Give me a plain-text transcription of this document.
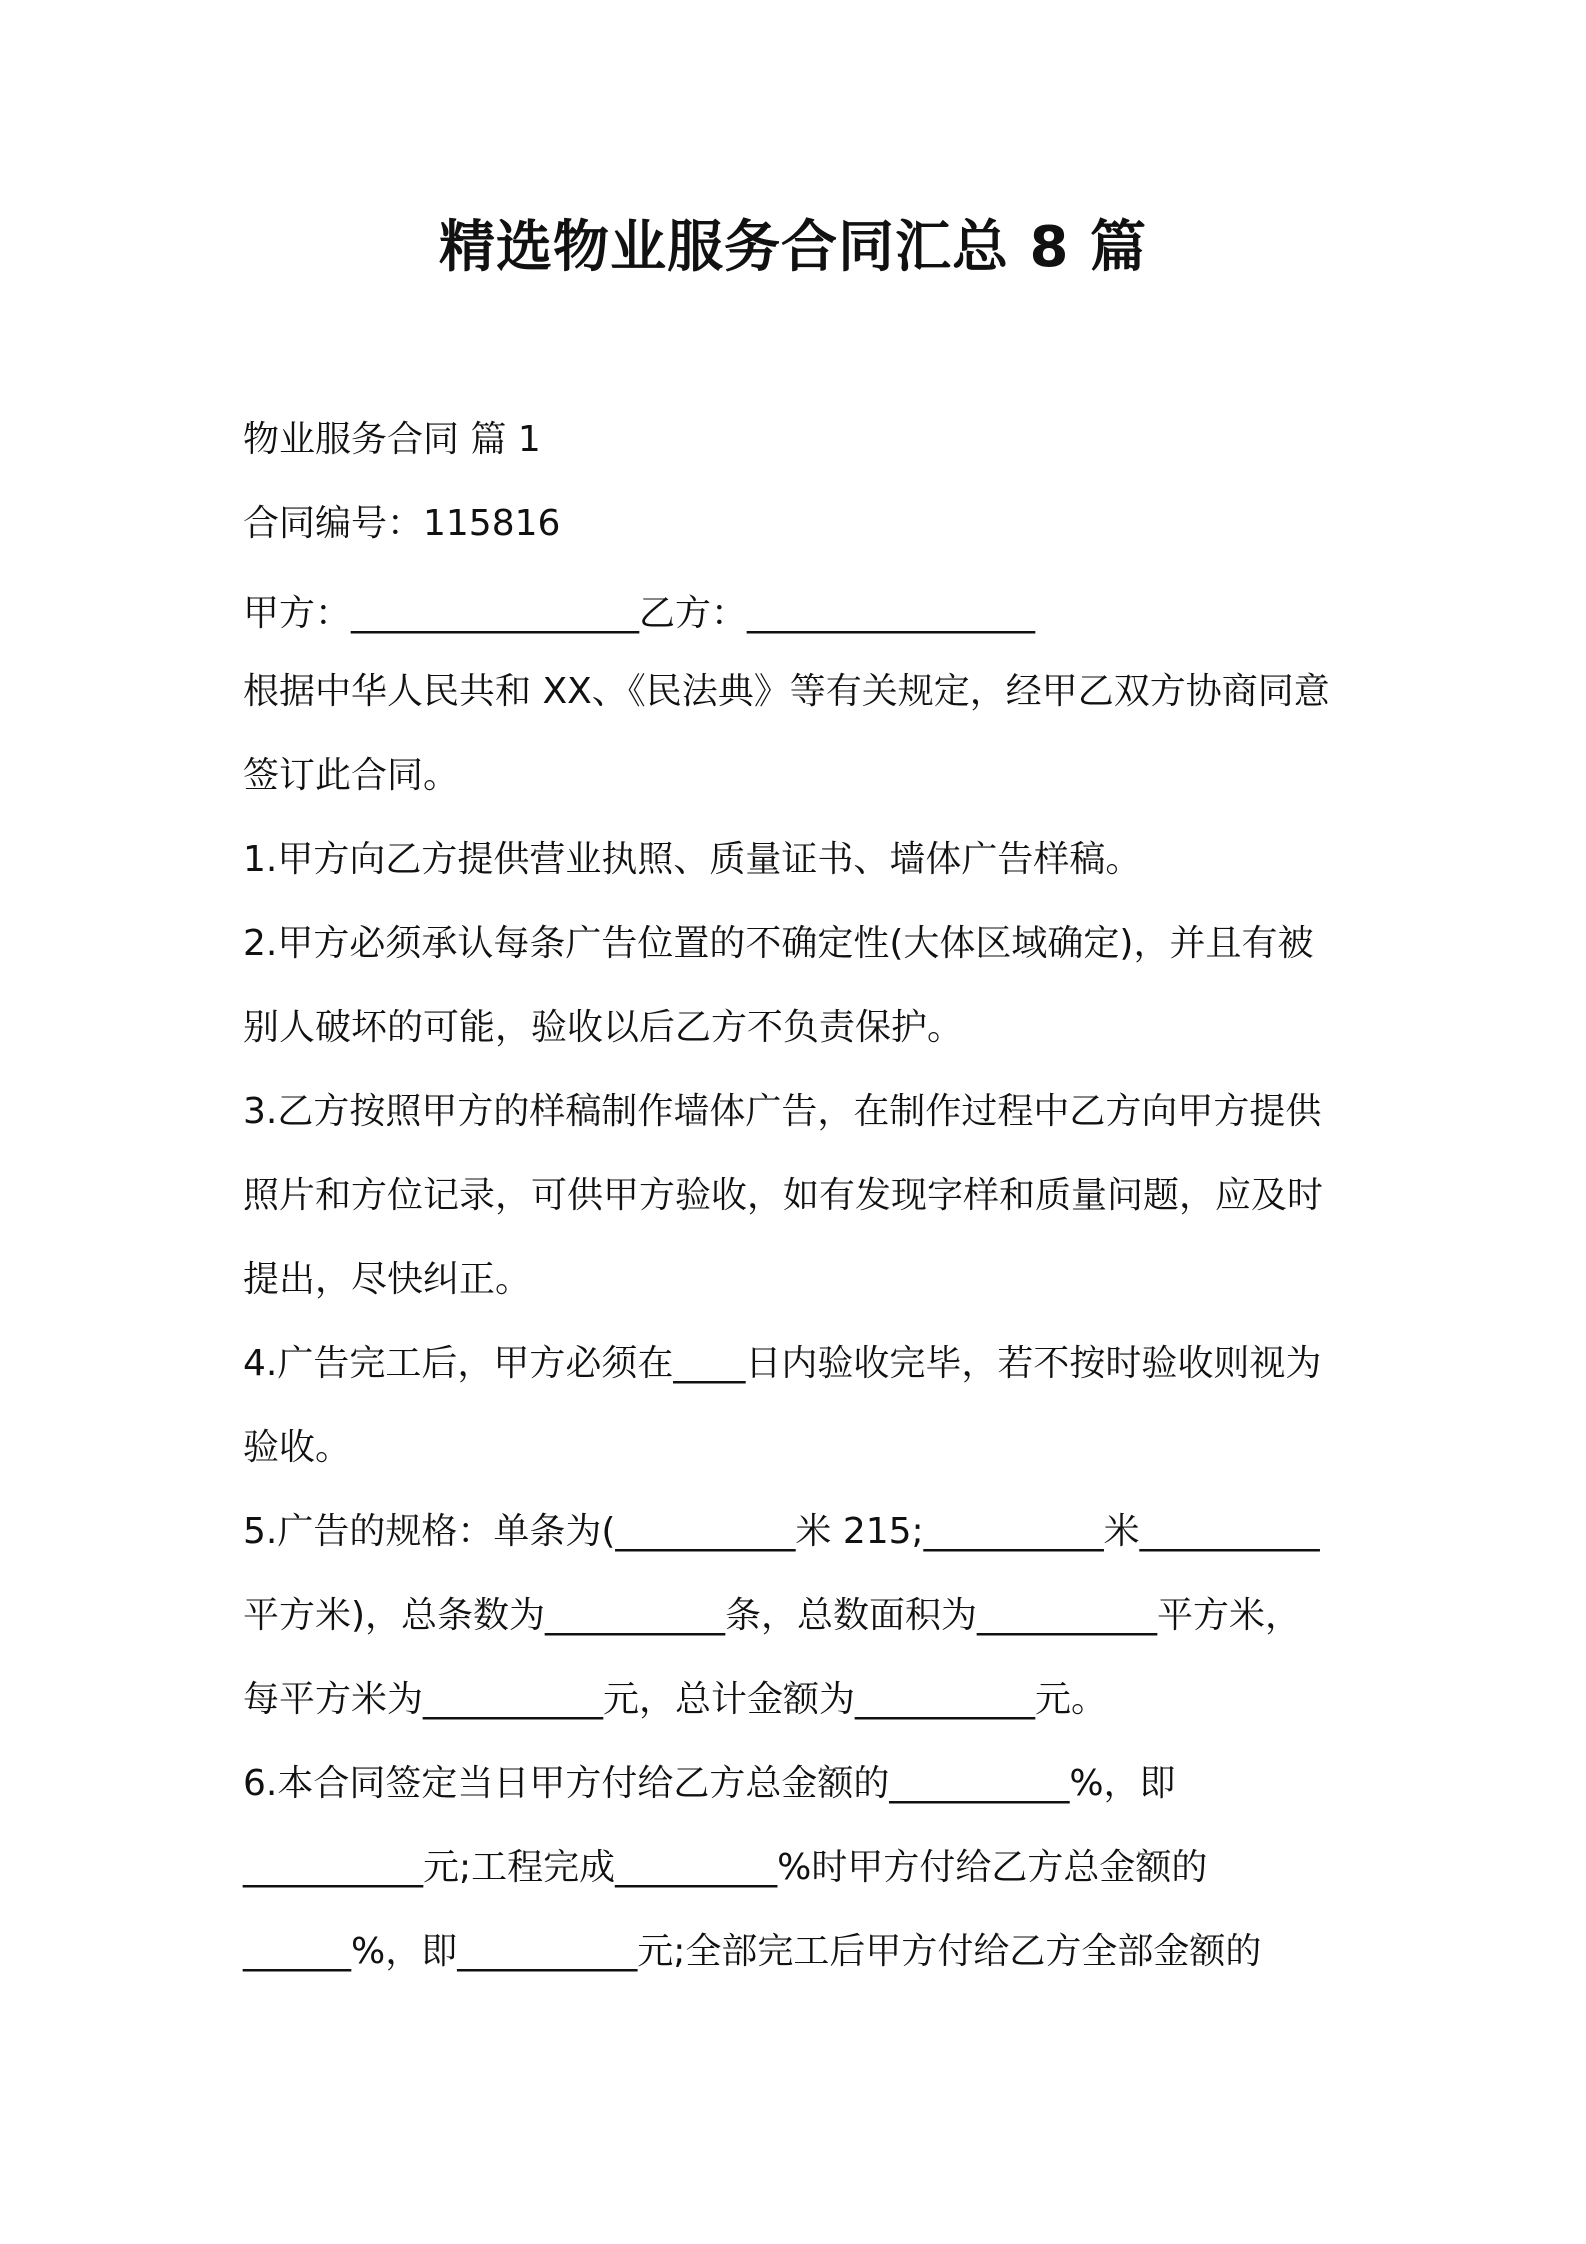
精选物业服务合同汇总 8 篇
物业服务合同 篇 1
合同编号：115816
甲方：________________乙方：________________
根据中华人民共和 XX、《民法典》等有关规定，经甲乙双方协商同意
签订此合同。
1.甲方向乙方提供营业执照、质量证书、墙体广告样稿。
2.甲方必须承认每条广告位置的不确定性(大体区域确定)，并且有被
别人破坏的可能，验收以后乙方不负责保护。
3.乙方按照甲方的样稿制作墙体广告，在制作过程中乙方向甲方提供
照片和方位记录，可供甲方验收，如有发现字样和质量问题，应及时
提出，尽快纠正。
4.广告完工后，甲方必须在____日内验收完毕，若不按时验收则视为
验收。
5.广告的规格：单条为(__________米 215;__________米__________
平方米)，总条数为__________条，总数面积为__________平方米，
每平方米为__________元，总计金额为__________元。
6.本合同签定当日甲方付给乙方总金额的__________%，即
__________元;工程完成_________%时甲方付给乙方总金额的
______%，即__________元;全部完工后甲方付给乙方全部金额的
